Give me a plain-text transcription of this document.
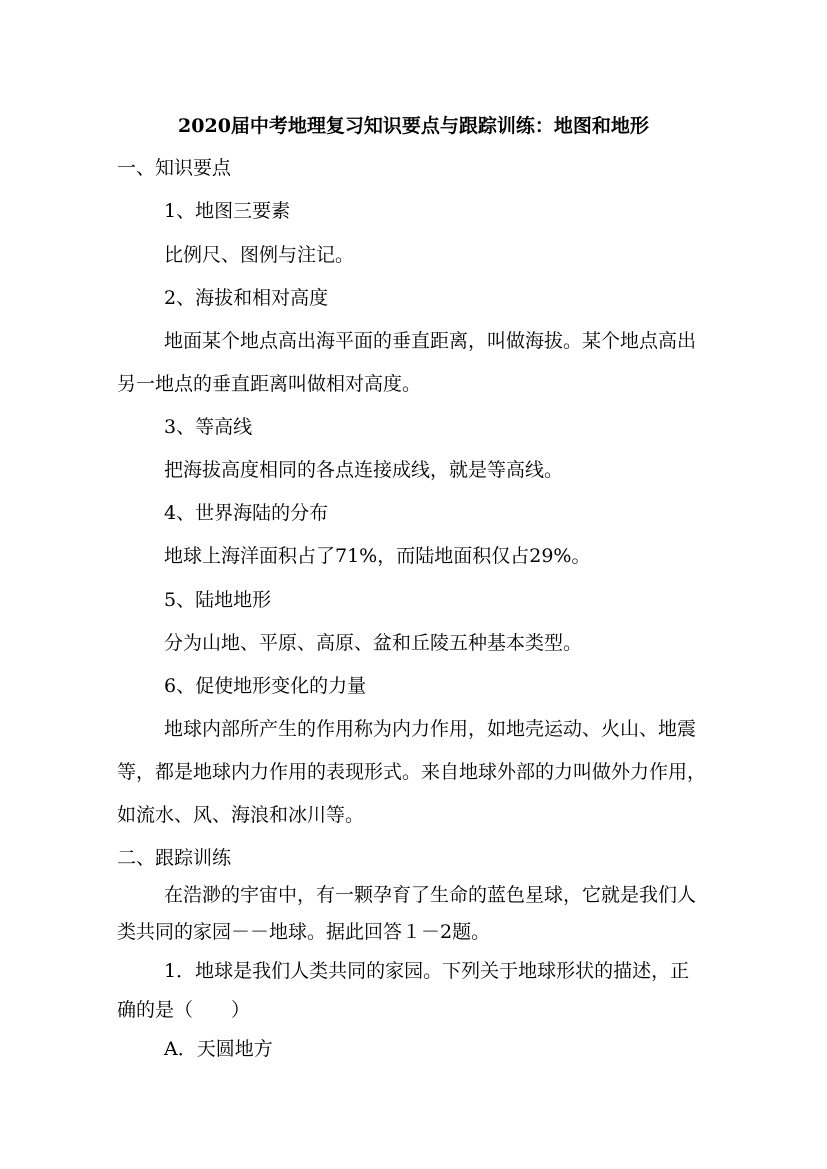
2020届中考地理复习知识要点与跟踪训练：地图和地形
一、知识要点
1、地图三要素
比例尺、图例与注记。
2、海拔和相对高度
地面某个地点高出海平面的垂直距离，叫做海拔。某个地点高出
另一地点的垂直距离叫做相对高度。
3、等高线
把海拔高度相同的各点连接成线，就是等高线。
4、世界海陆的分布
地球上海洋面积占了71%，而陆地面积仅占29%。
5、陆地地形
分为山地、平原、高原、盆和丘陵五种基本类型。
6、促使地形变化的力量
地球内部所产生的作用称为内力作用，如地壳运动、火山、地震
等，都是地球内力作用的表现形式。来自地球外部的力叫做外力作用，
如流水、风、海浪和冰川等。
二、跟踪训练
在浩渺的宇宙中，有一颗孕育了生命的蓝色星球，它就是我们人
类共同的家园－－地球。据此回答１－2题。
1．地球是我们人类共同的家园。下列关于地球形状的描述，正
确的是（　　）
A．天圆地方
